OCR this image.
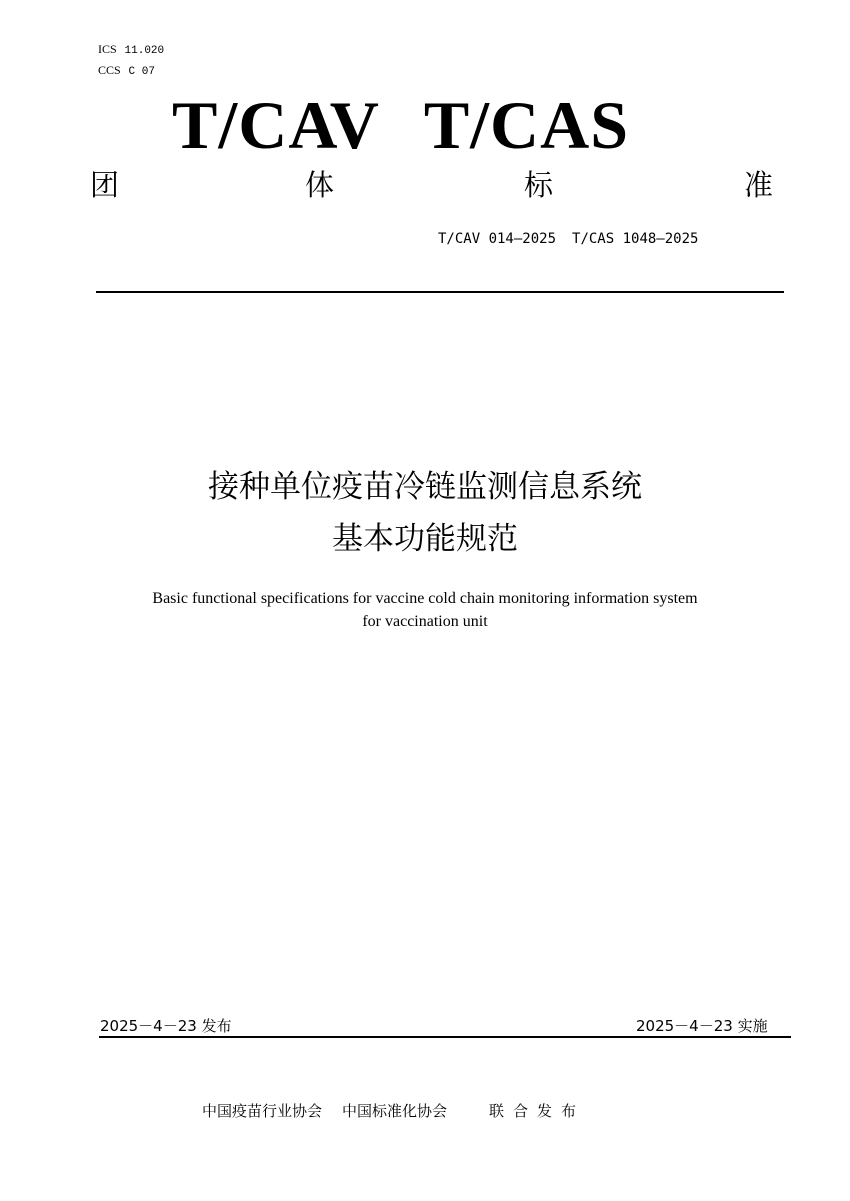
ICS 11.020
CCS C 07
T/CAV T/CAS
团	体	标	准
T/CAV 014—2025 T/CAS 1048—2025
接种单位疫苗冷链监测信息系统
基本功能规范
Basic functional specifications for vaccine cold chain monitoring information system
for vaccination unit
2025－4－23 发布	2025－4－23 实施
中国疫苗行业协会 中国标准化协会	联合发布
